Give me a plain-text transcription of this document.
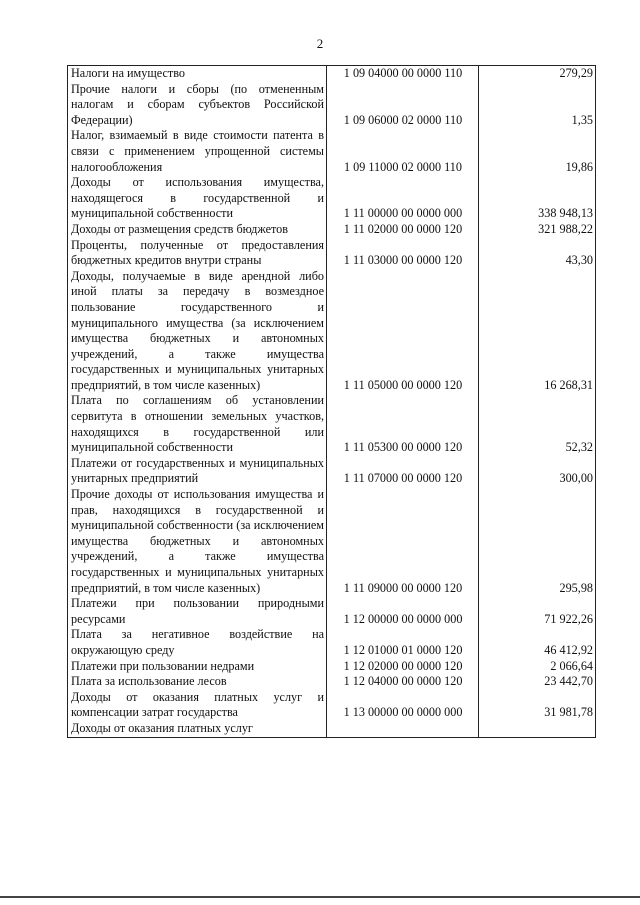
2
Налоги на имущество	1 09 04000 00 0000 110	279,29
Прочие налоги и сборы (по отмененным налогам и сборам субъектов Российской Федерации)	1 09 06000 02 0000 110	1,35
Налог, взимаемый в виде стоимости патента в связи с применением упрощенной системы налогообложения	1 09 11000 02 0000 110	19,86
Доходы от использования имущества, находящегося в государственной и муниципальной собственности	1 11 00000 00 0000 000	338 948,13
Доходы от размещения средств бюджетов	1 11 02000 00 0000 120	321 988,22
Проценты, полученные от предоставления бюджетных кредитов внутри страны	1 11 03000 00 0000 120	43,30
Доходы, получаемые в виде арендной либо иной платы за передачу в возмездное пользование государственного и муниципального имущества (за исключением имущества бюджетных и автономных учреждений, а также имущества государственных и муниципальных унитарных предприятий, в том числе казенных)	1 11 05000 00 0000 120	16 268,31
Плата по соглашениям об установлении сервитута в отношении земельных участков, находящихся в государственной или муниципальной собственности	1 11 05300 00 0000 120	52,32
Платежи от государственных и муниципальных унитарных предприятий	1 11 07000 00 0000 120	300,00
Прочие доходы от использования имущества и прав, находящихся в государственной и муниципальной собственности (за исключением имущества бюджетных и автономных учреждений, а также имущества государственных и муниципальных унитарных предприятий, в том числе казенных)	1 11 09000 00 0000 120	295,98
Платежи при пользовании природными ресурсами	1 12 00000 00 0000 000	71 922,26
Плата за негативное воздействие на окружающую среду	1 12 01000 01 0000 120	46 412,92
Платежи при пользовании недрами	1 12 02000 00 0000 120	2 066,64
Плата за использование лесов	1 12 04000 00 0000 120	23 442,70
Доходы от оказания платных услуг и компенсации затрат государства	1 13 00000 00 0000 000	31 981,78
Доходы от оказания платных услуг		
